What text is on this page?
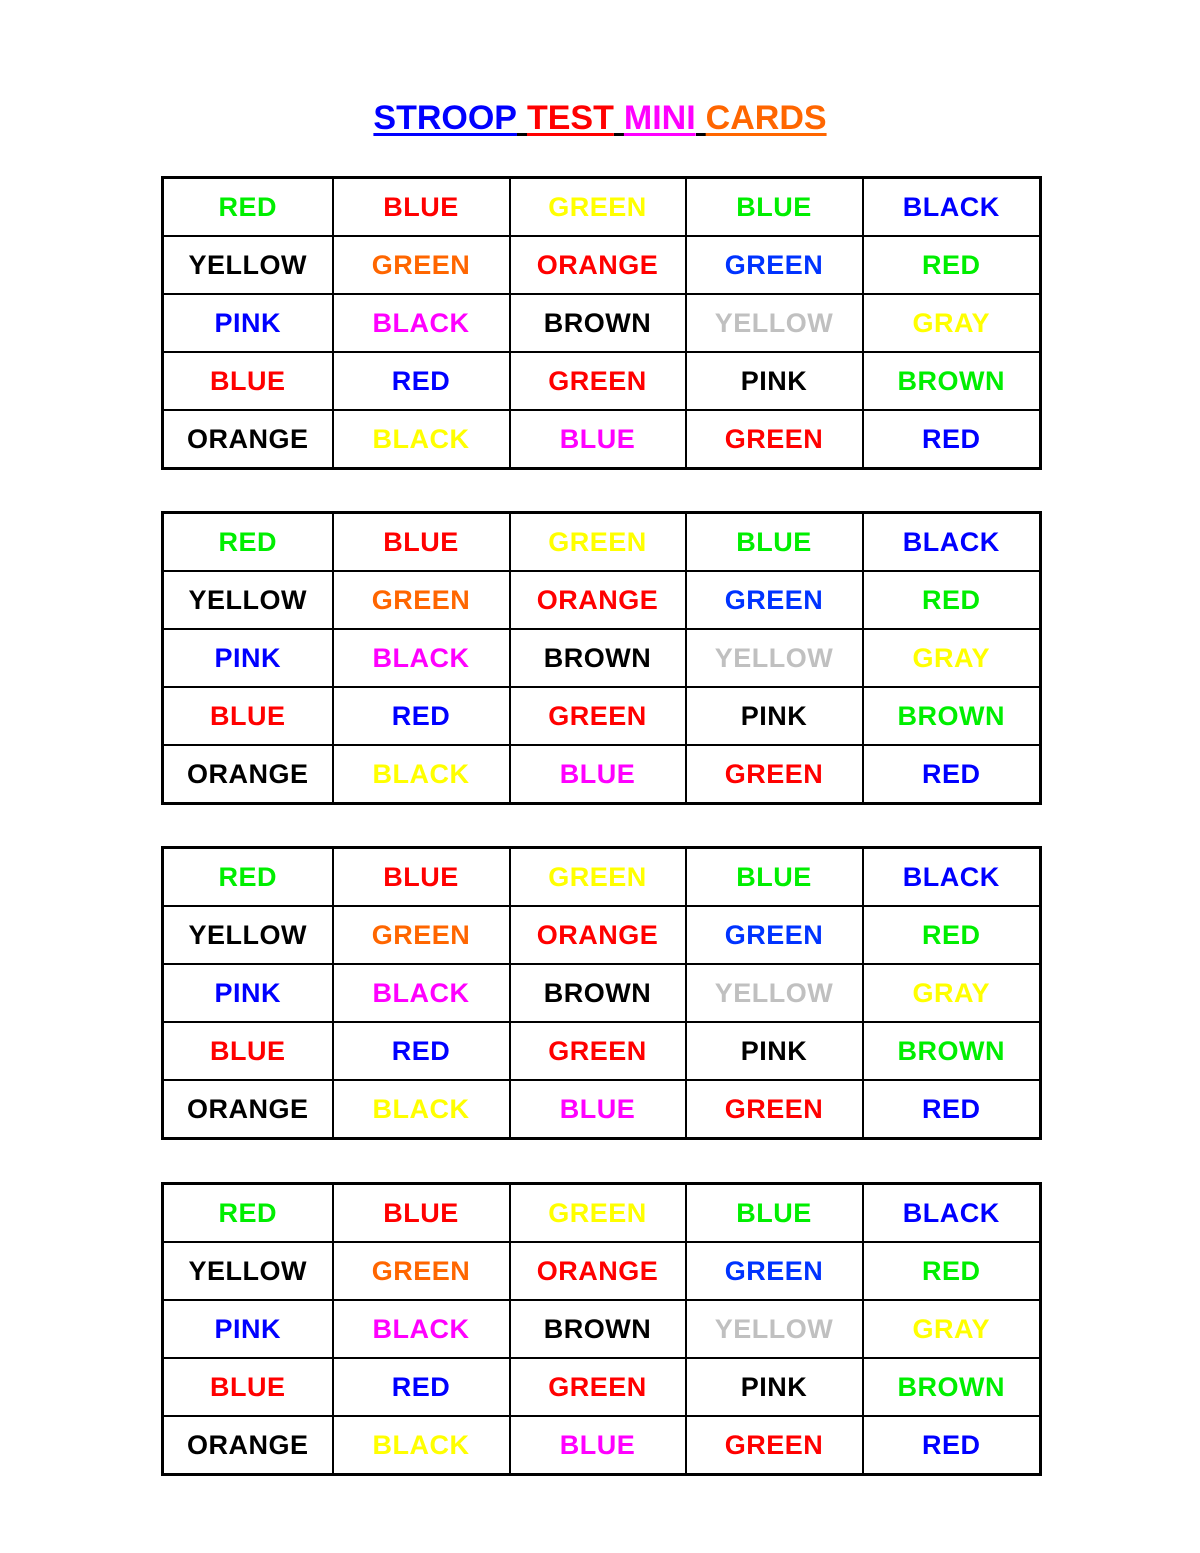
STROOP TEST MINI CARDS
RED	BLUE	GREEN	BLUE	BLACK
YELLOW	GREEN	ORANGE	GREEN	RED
PINK	BLACK	BROWN	YELLOW	GRAY
BLUE	RED	GREEN	PINK	BROWN
ORANGE	BLACK	BLUE	GREEN	RED
RED	BLUE	GREEN	BLUE	BLACK
YELLOW	GREEN	ORANGE	GREEN	RED
PINK	BLACK	BROWN	YELLOW	GRAY
BLUE	RED	GREEN	PINK	BROWN
ORANGE	BLACK	BLUE	GREEN	RED
RED	BLUE	GREEN	BLUE	BLACK
YELLOW	GREEN	ORANGE	GREEN	RED
PINK	BLACK	BROWN	YELLOW	GRAY
BLUE	RED	GREEN	PINK	BROWN
ORANGE	BLACK	BLUE	GREEN	RED
RED	BLUE	GREEN	BLUE	BLACK
YELLOW	GREEN	ORANGE	GREEN	RED
PINK	BLACK	BROWN	YELLOW	GRAY
BLUE	RED	GREEN	PINK	BROWN
ORANGE	BLACK	BLUE	GREEN	RED
